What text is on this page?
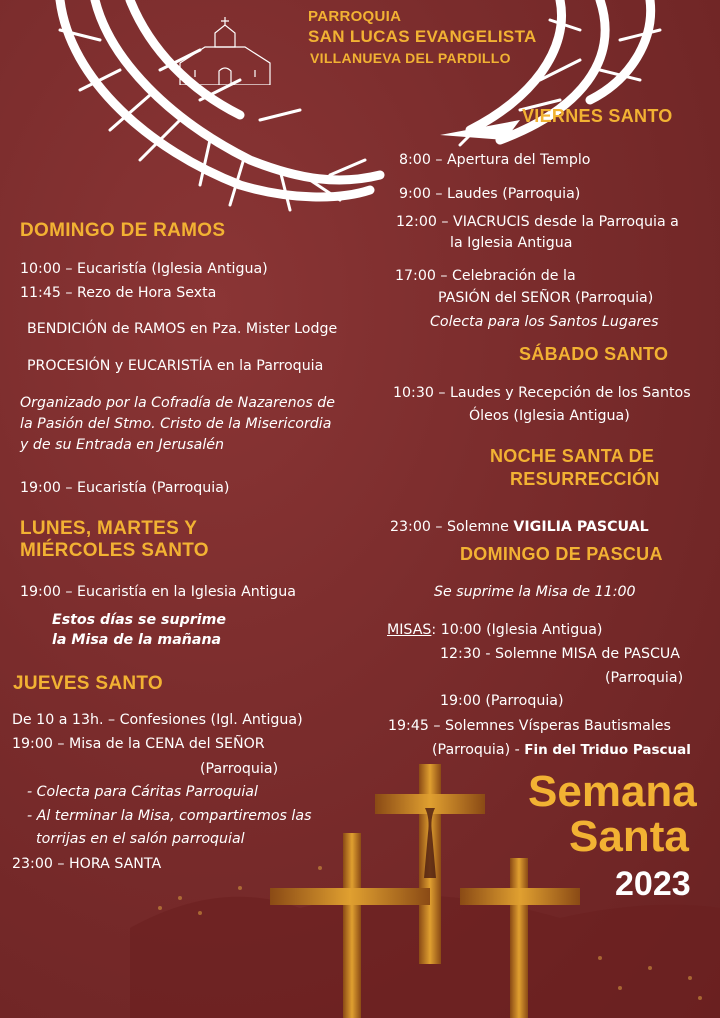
PARROQUIA
SAN LUCAS EVANGELISTA
VILLANUEVA DEL PARDILLO
DOMINGO DE RAMOS
10:00 – Eucaristía (Iglesia Antigua)
11:45 – Rezo de Hora Sexta
BENDICIÓN de RAMOS en Pza. Mister Lodge
PROCESIÓN y EUCARISTÍA en la Parroquia
Organizado por la Cofradía de Nazarenos de
la Pasión del Stmo. Cristo de la Misericordia
y de su Entrada en Jerusalén
19:00 – Eucaristía (Parroquia)
LUNES, MARTES Y
MIÉRCOLES SANTO
19:00 – Eucaristía en la Iglesia Antigua
Estos días se suprime
la Misa de la mañana
JUEVES SANTO
De 10 a 13h. – Confesiones (Igl. Antigua)
19:00 – Misa de la CENA del SEÑOR
(Parroquia)
- Colecta para Cáritas Parroquial
- Al terminar la Misa, compartiremos las
torrijas en el salón parroquial
23:00 – HORA SANTA
VIERNES SANTO
8:00 – Apertura del Templo
9:00 – Laudes (Parroquia)
12:00 – VIACRUCIS desde la Parroquia a
la Iglesia Antigua
17:00 – Celebración de la
PASIÓN del SEÑOR (Parroquia)
Colecta para los Santos Lugares
SÁBADO SANTO
10:30 – Laudes y Recepción de los Santos
Óleos (Iglesia Antigua)
NOCHE SANTA DE
RESURRECCIÓN
23:00 – Solemne VIGILIA PASCUAL
DOMINGO DE PASCUA
Se suprime la Misa de 11:00
MISAS: 10:00 (Iglesia Antigua)
12:30 - Solemne MISA de PASCUA
(Parroquia)
19:00 (Parroquia)
19:45 – Solemnes Vísperas Bautismales
(Parroquia) - Fin del Triduo Pascual
Semana
Santa
2023
